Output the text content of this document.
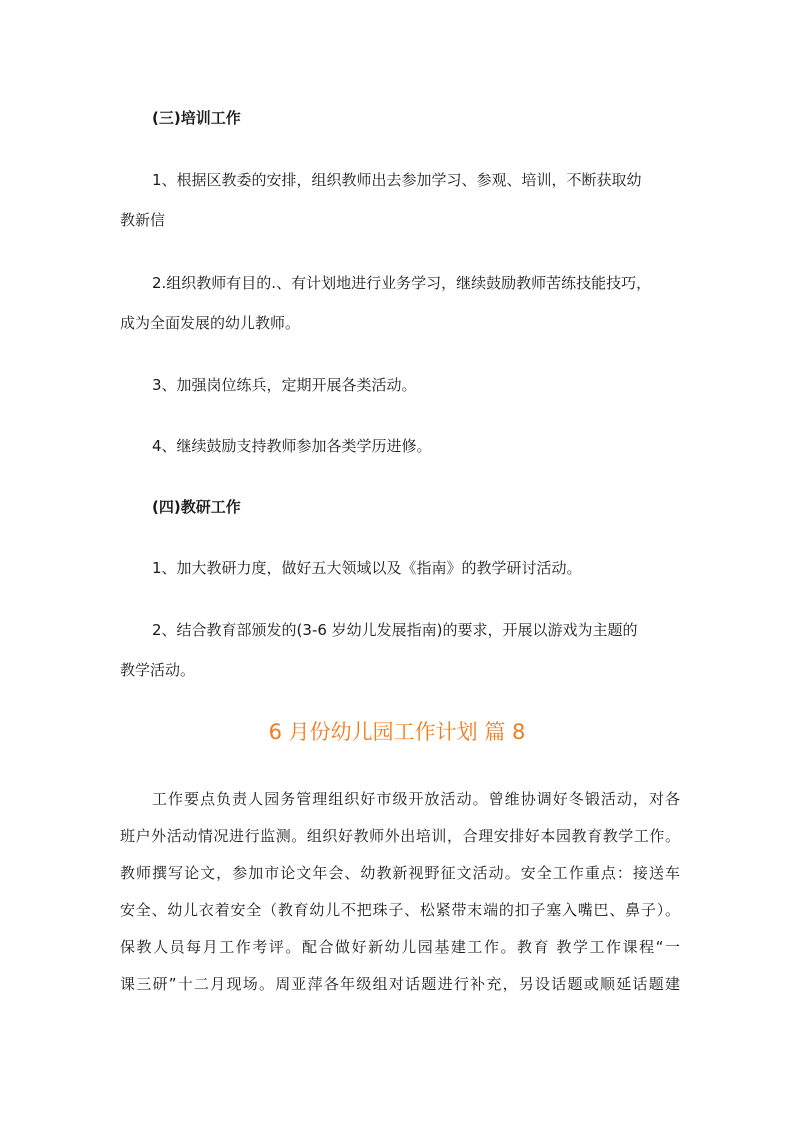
(三)培训工作
1、根据区教委的安排，组织教师出去参加学习、参观、培训，不断获取幼
教新信
2.组织教师有目的.、有计划地进行业务学习，继续鼓励教师苦练技能技巧，
成为全面发展的幼儿教师。
3、加强岗位练兵，定期开展各类活动。
4、继续鼓励支持教师参加各类学历进修。
(四)教研工作
1、加大教研力度，做好五大领域以及《指南》的教学研讨活动。
2、结合教育部颁发的(3-6 岁幼儿发展指南)的要求，开展以游戏为主题的
教学活动。
6 月份幼儿园工作计划 篇 8
工作要点负责人园务管理组织好市级开放活动。曾维协调好冬锻活动，对各
班户外活动情况进行监测。组织好教师外出培训，合理安排好本园教育教学工作。
教师撰写论文，参加市论文年会、幼教新视野征文活动。安全工作重点：接送车
安全、幼儿衣着安全（教育幼儿不把珠子、松紧带末端的扣子塞入嘴巴、鼻子）。
保教人员每月工作考评。配合做好新幼儿园基建工作。教育 教学工作课程“一
课三研”十二月现场。周亚萍各年级组对话题进行补充，另设话题或顺延话题建
